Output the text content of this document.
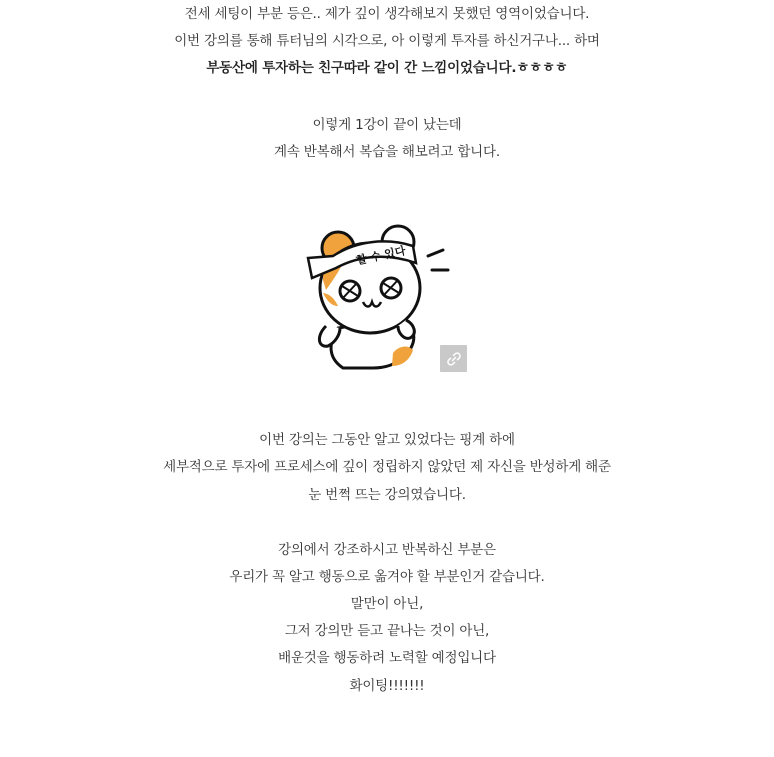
전세 세팅이 부분 등은.. 제가 깊이 생각해보지 못했던 영역이었습니다.
이번 강의를 통해 튜터님의 시각으로, 아 이렇게 투자를 하신거구나... 하며
부동산에 투자하는 친구따라 같이 간 느낌이었습니다.ㅎㅎㅎㅎ
이렇게 1강이 끝이 났는데
계속 반복해서 복습을 해보려고 합니다.
할 수 있다
이번 강의는 그동안 알고 있었다는 핑계 하에
세부적으로 투자에 프로세스에 깊이 정립하지 않았던 제 자신을 반성하게 해준
눈 번쩍 뜨는 강의였습니다.
강의에서 강조하시고 반복하신 부분은
우리가 꼭 알고 행동으로 옮겨야 할 부분인거 같습니다.
말만이 아닌,
그저 강의만 듣고 끝나는 것이 아닌,
배운것을 행동하려 노력할 예정입니다
화이팅!!!!!!!
